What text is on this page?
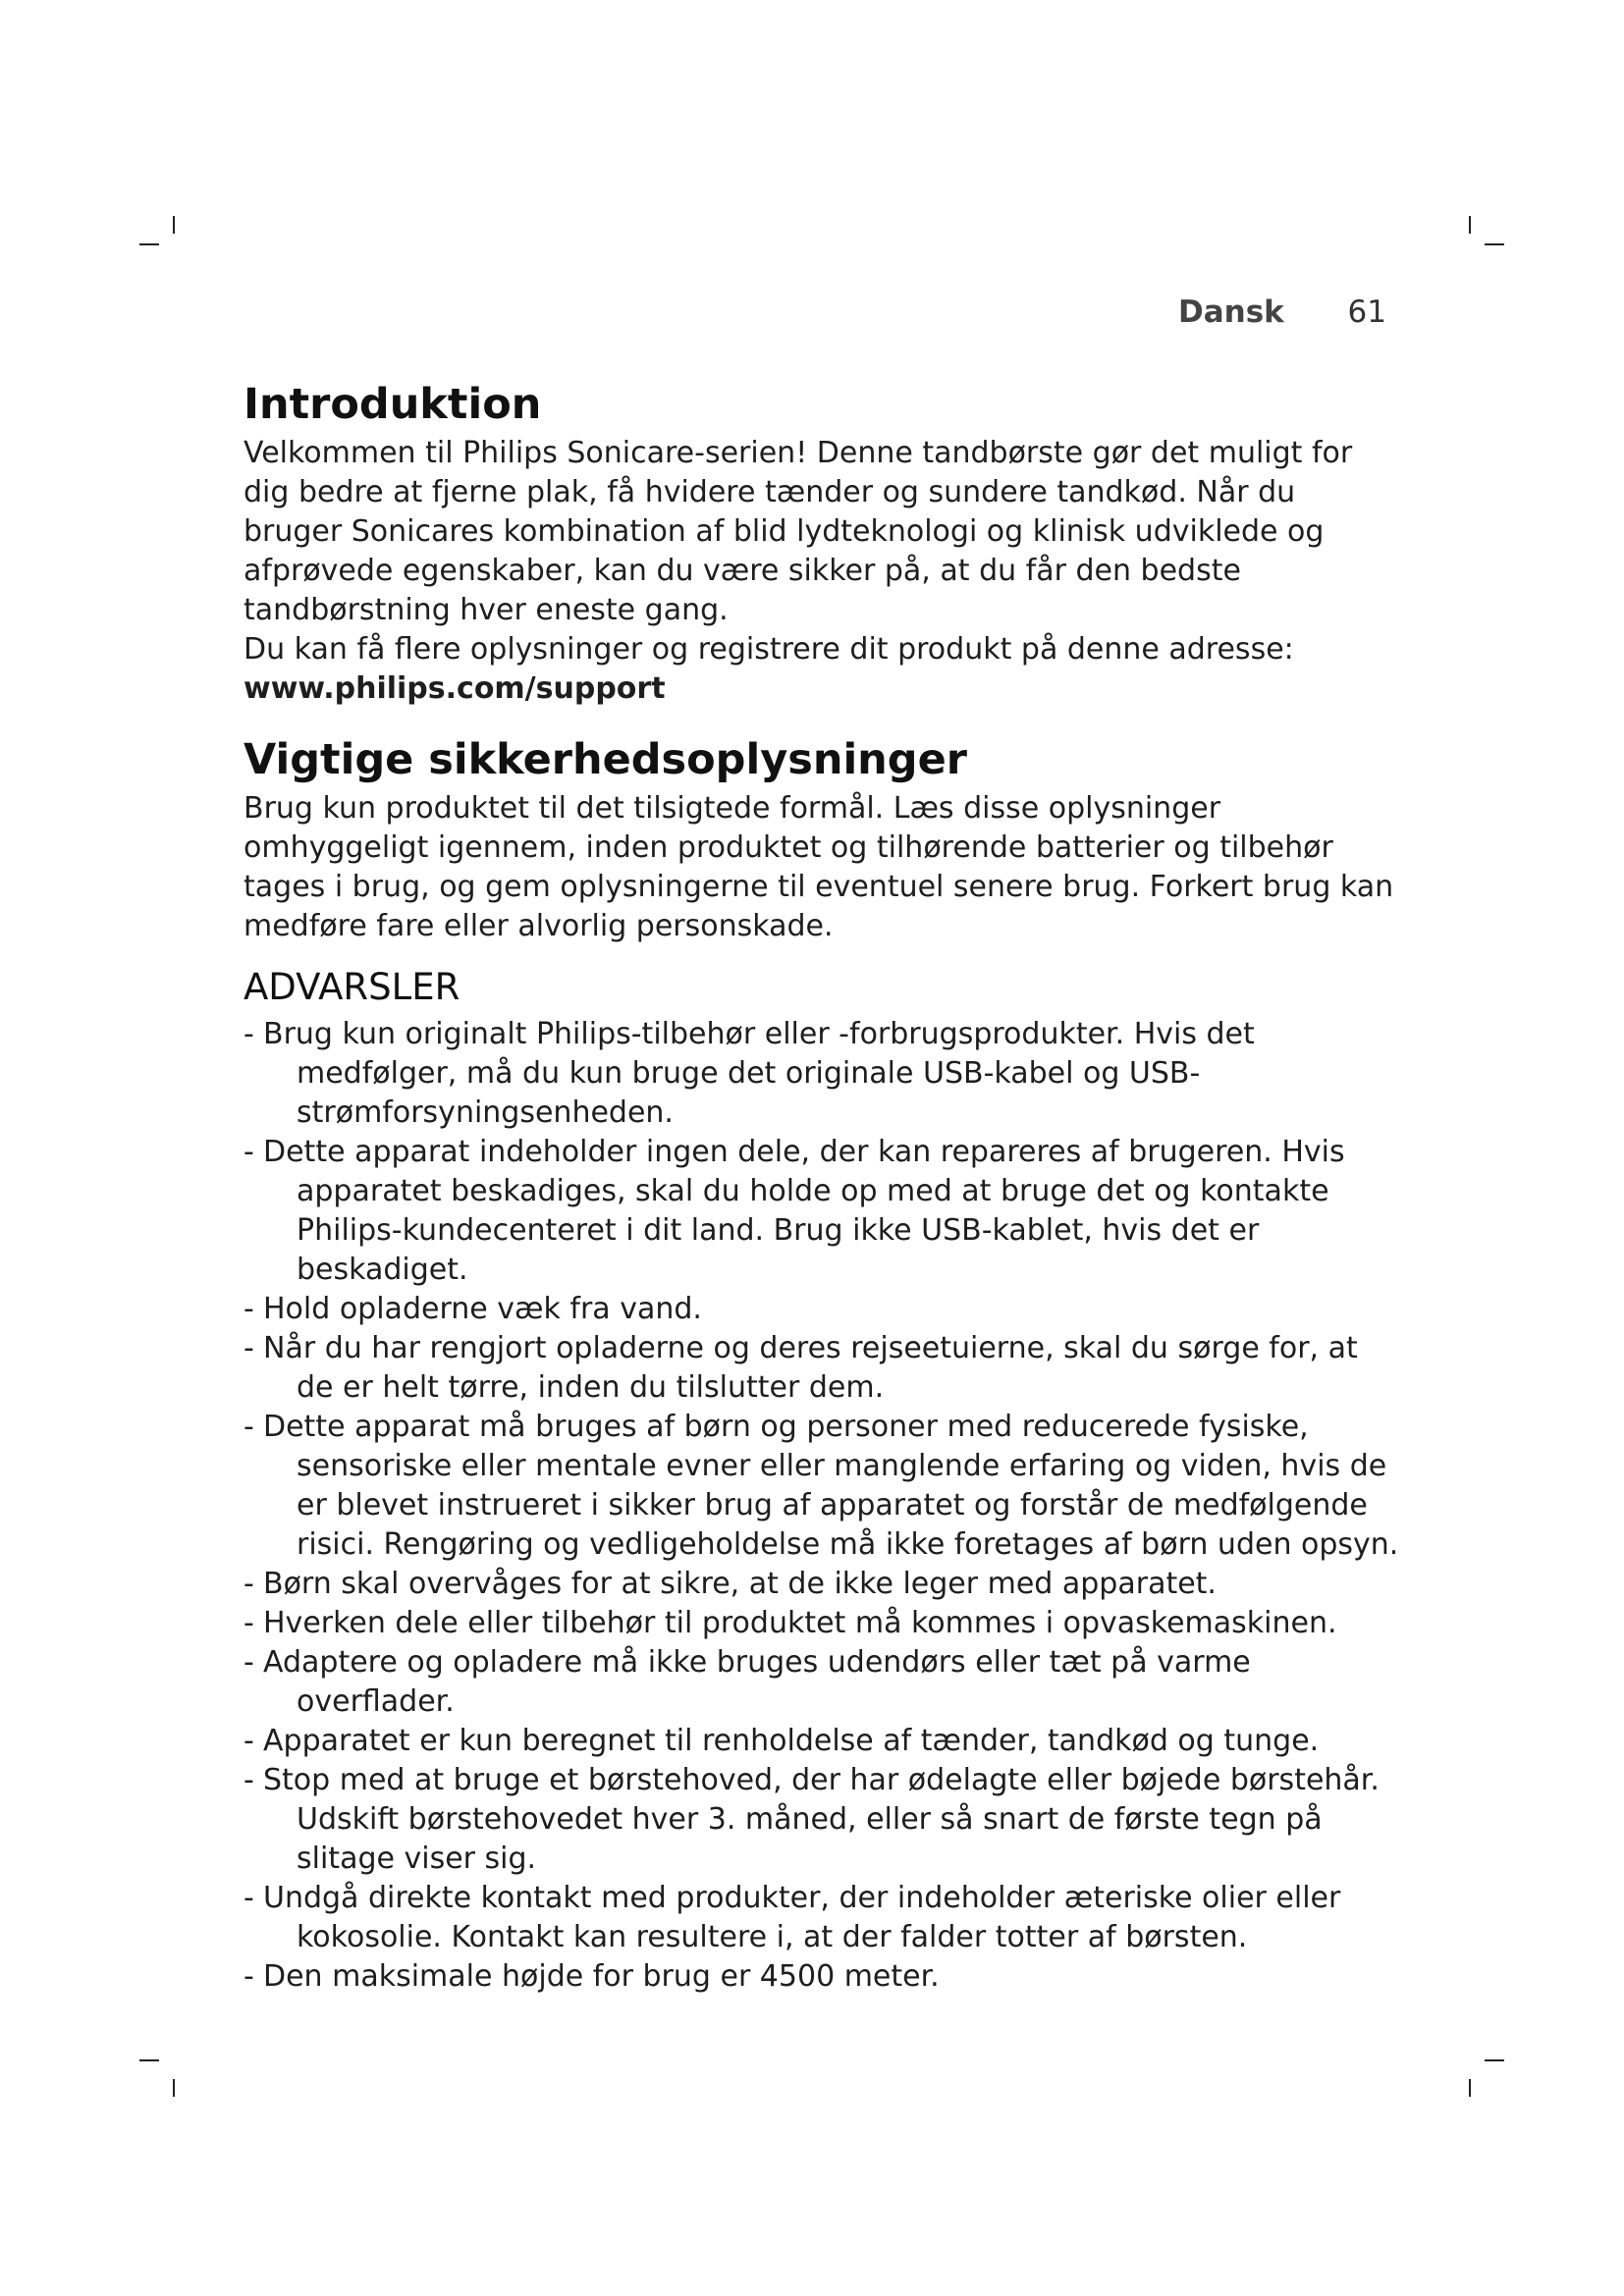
Dansk 61
Introduktion

Velkommen til Philips Sonicare-serien! Denne tandbørste gør det muligt for dig bedre at fjerne plak, få hvidere tænder og sundere tandkød. Når du bruger Sonicares kombination af blid lydteknologi og klinisk udviklede og afprøvede egenskaber, kan du være sikker på, at du får den bedste tandbørstning hver eneste gang.

Du kan få flere oplysninger og registrere dit produkt på denne adresse:

www.philips.com/support

Vigtige sikkerhedsoplysninger

Brug kun produktet til det tilsigtede formål. Læs disse oplysninger omhyggeligt igennem, inden produktet og tilhørende batterier og tilbehør tages i brug, og gem oplysningerne til eventuel senere brug. Forkert brug kan medføre fare eller alvorlig personskade.

ADVARSLER
- Brug kun originalt Philips-tilbehør eller -forbrugsprodukter. Hvis det medfølger, må du kun bruge det originale USB-kabel og USB-strømforsyningsenheden.
- Dette apparat indeholder ingen dele, der kan repareres af brugeren. Hvis apparatet beskadiges, skal du holde op med at bruge det og kontakte Philips-kundecenteret i dit land. Brug ikke USB-kablet, hvis det er beskadiget.
- Hold opladerne væk fra vand.
- Når du har rengjort opladerne og deres rejseetuierne, skal du sørge for, at de er helt tørre, inden du tilslutter dem.
- Dette apparat må bruges af børn og personer med reducerede fysiske, sensoriske eller mentale evner eller manglende erfaring og viden, hvis de er blevet instrueret i sikker brug af apparatet og forstår de medfølgende risici. Rengøring og vedligeholdelse må ikke foretages af børn uden opsyn.
- Børn skal overvåges for at sikre, at de ikke leger med apparatet.
- Hverken dele eller tilbehør til produktet må kommes i opvaskemaskinen.
- Adaptere og opladere må ikke bruges udendørs eller tæt på varme overflader.
- Apparatet er kun beregnet til renholdelse af tænder, tandkød og tunge.
- Stop med at bruge et børstehoved, der har ødelagte eller bøjede børstehår. Udskift børstehovedet hver 3. måned, eller så snart de første tegn på slitage viser sig.
- Undgå direkte kontakt med produkter, der indeholder æteriske olier eller kokosolie. Kontakt kan resultere i, at der falder totter af børsten.
- Den maksimale højde for brug er 4500 meter.
